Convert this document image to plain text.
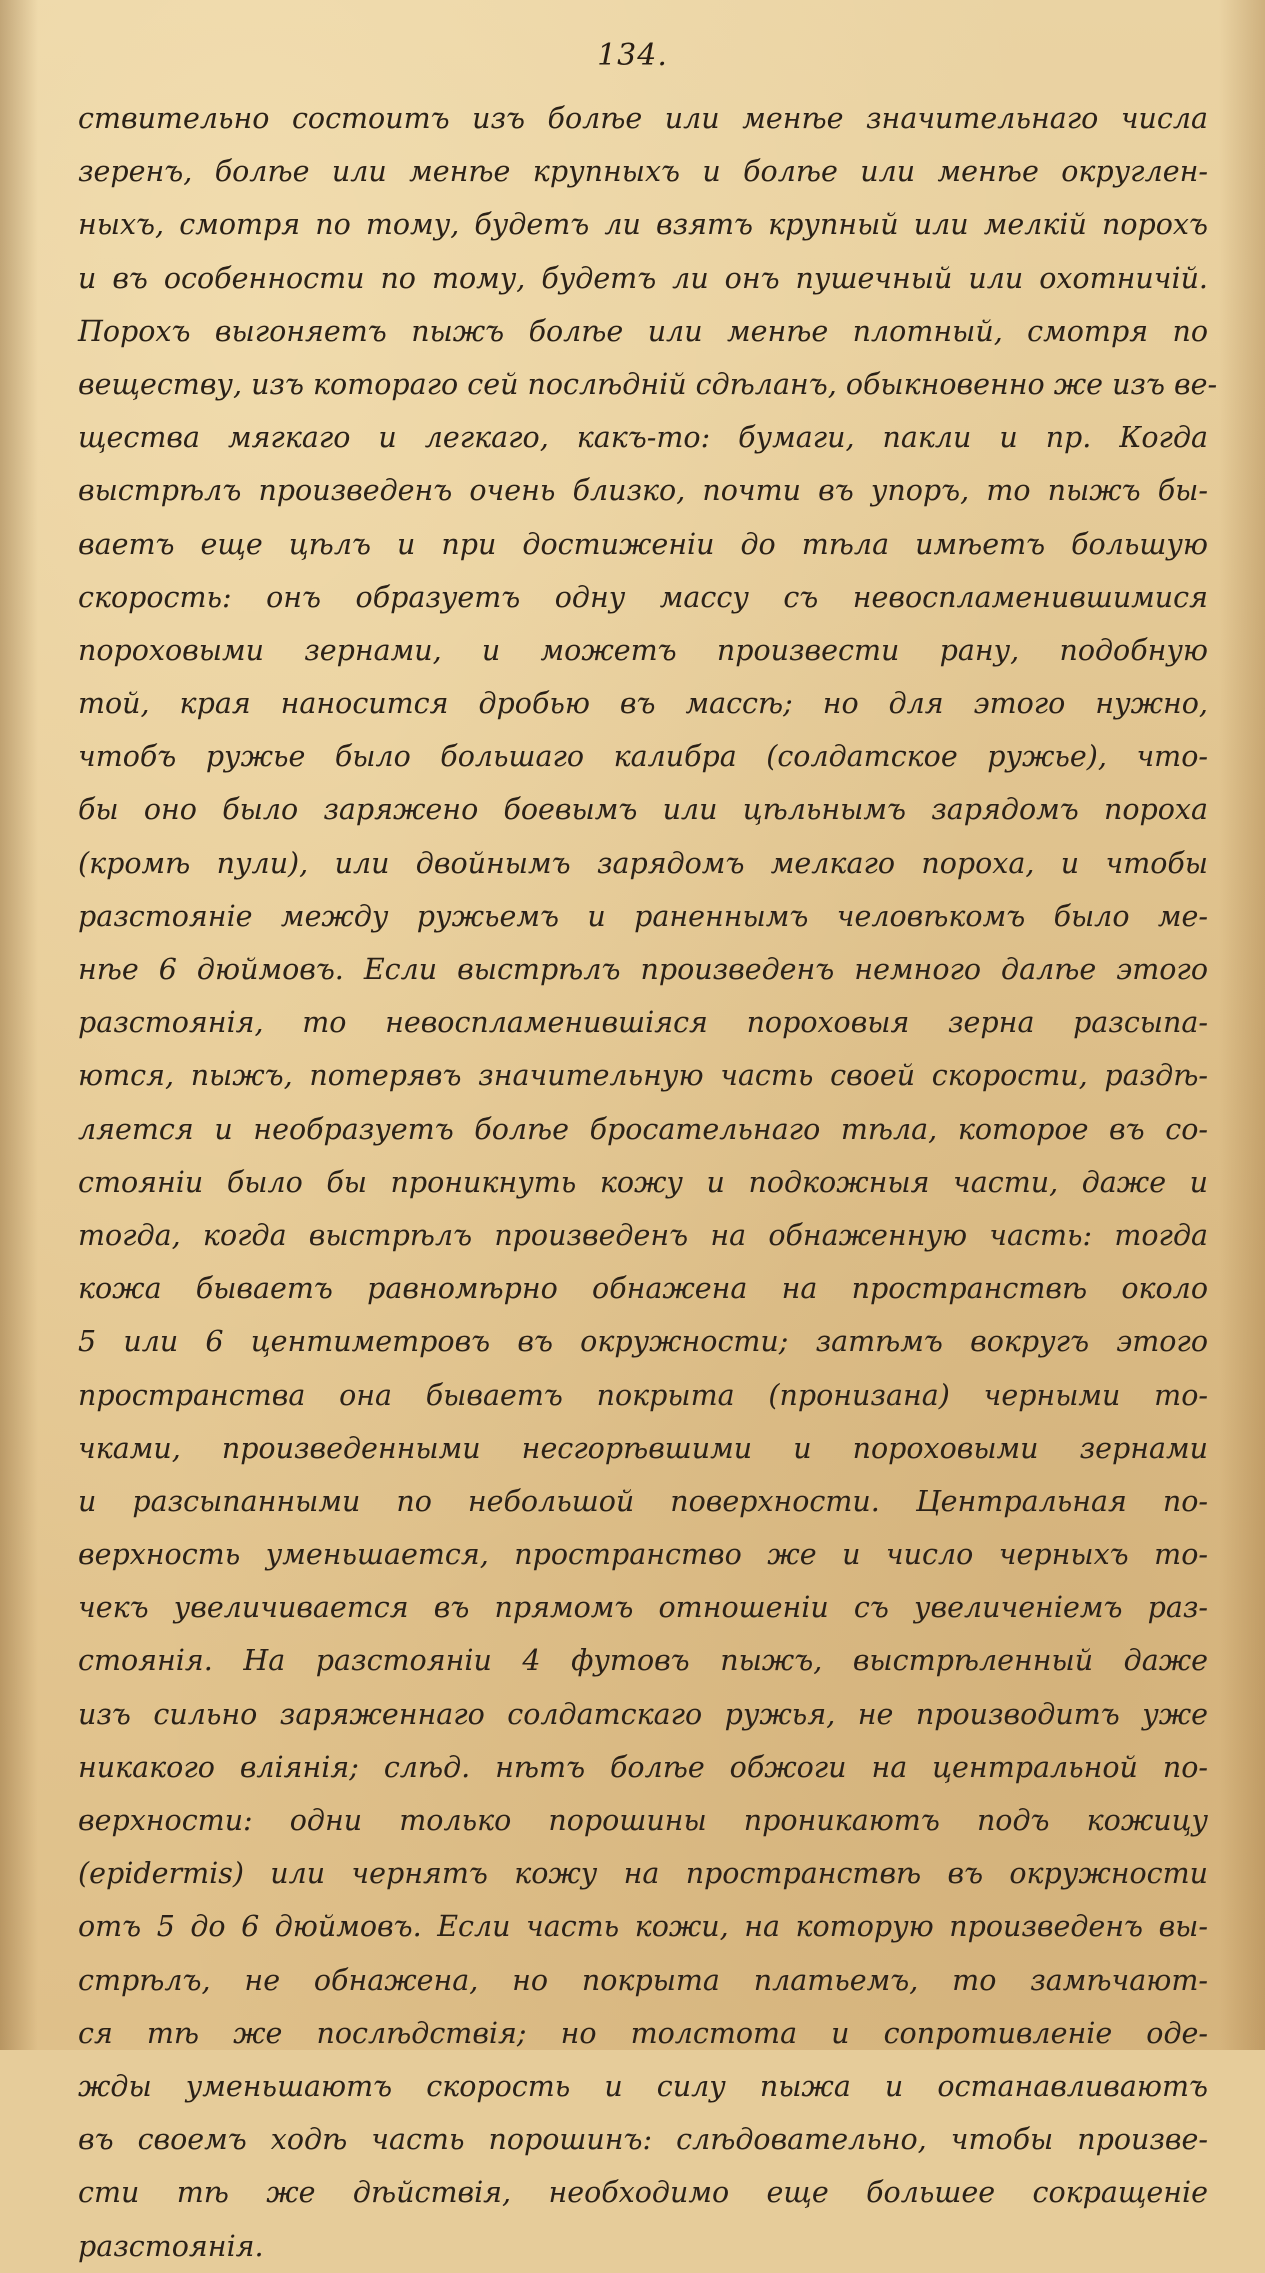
134.
ствительно состоитъ изъ болѣе или менѣе значительнаго числа
зеренъ, болѣе или менѣе крупныхъ и болѣе или менѣе округлен-
ныхъ, смотря по тому, будетъ ли взятъ крупный или мелкій порохъ
и въ особенности по тому, будетъ ли онъ пушечный или охотничій.
Порохъ выгоняетъ пыжъ болѣе или менѣе плотный, смотря по
веществу, изъ котораго сей послѣдній сдѣланъ, обыкновенно же изъ ве-
щества мягкаго и легкаго, какъ-то: бумаги, пакли и пр. Когда
выстрѣлъ произведенъ очень близко, почти въ упоръ, то пыжъ бы-
ваетъ еще цѣлъ и при достиженіи до тѣла имѣетъ большую
скорость: онъ образуетъ одну массу съ невоспламенившимися
пороховыми зернами, и можетъ произвести рану, подобную
той, края наносится дробью въ массѣ; но для этого нужно,
чтобъ ружье было большаго калибра (солдатское ружье), что-
бы оно было заряжено боевымъ или цѣльнымъ зарядомъ пороха
(кромѣ пули), или двойнымъ зарядомъ мелкаго пороха, и чтобы
разстояніе между ружьемъ и раненнымъ человѣкомъ было ме-
нѣе 6 дюймовъ. Если выстрѣлъ произведенъ немного далѣе этого
разстоянія, то невоспламенившіяся пороховыя зерна разсыпа-
ются, пыжъ, потерявъ значительную часть своей скорости, раздѣ-
ляется и необразуетъ болѣе бросательнаго тѣла, которое въ со-
стояніи было бы проникнуть кожу и подкожныя части, даже и
тогда, когда выстрѣлъ произведенъ на обнаженную часть: тогда
кожа бываетъ равномѣрно обнажена на пространствѣ около
5 или 6 центиметровъ въ окружности; затѣмъ вокругъ этого
пространства она бываетъ покрыта (пронизана) черными то-
чками, произведенными несгорѣвшими и пороховыми зернами
и разсыпанными по небольшой поверхности. Центральная по-
верхность уменьшается, пространство же и число черныхъ то-
чекъ увеличивается въ прямомъ отношеніи съ увеличеніемъ раз-
стоянія. На разстояніи 4 футовъ пыжъ, выстрѣленный даже
изъ сильно заряженнаго солдатскаго ружья, не производитъ уже
никакого вліянія; слѣд. нѣтъ болѣе обжоги на центральной по-
верхности: одни только порошины проникаютъ подъ кожицу
(epidermis) или чернятъ кожу на пространствѣ въ окружности
отъ 5 до 6 дюймовъ. Если часть кожи, на которую произведенъ вы-
стрѣлъ, не обнажена, но покрыта платьемъ, то замѣчают-
ся тѣ же послѣдствія; но толстота и сопротивленіе оде-
жды уменьшаютъ скорость и силу пыжа и останавливаютъ
въ своемъ ходѣ часть порошинъ: слѣдовательно, чтобы произве-
сти тѣ же дѣйствія, необходимо еще большее сокращеніе
разстоянія.
